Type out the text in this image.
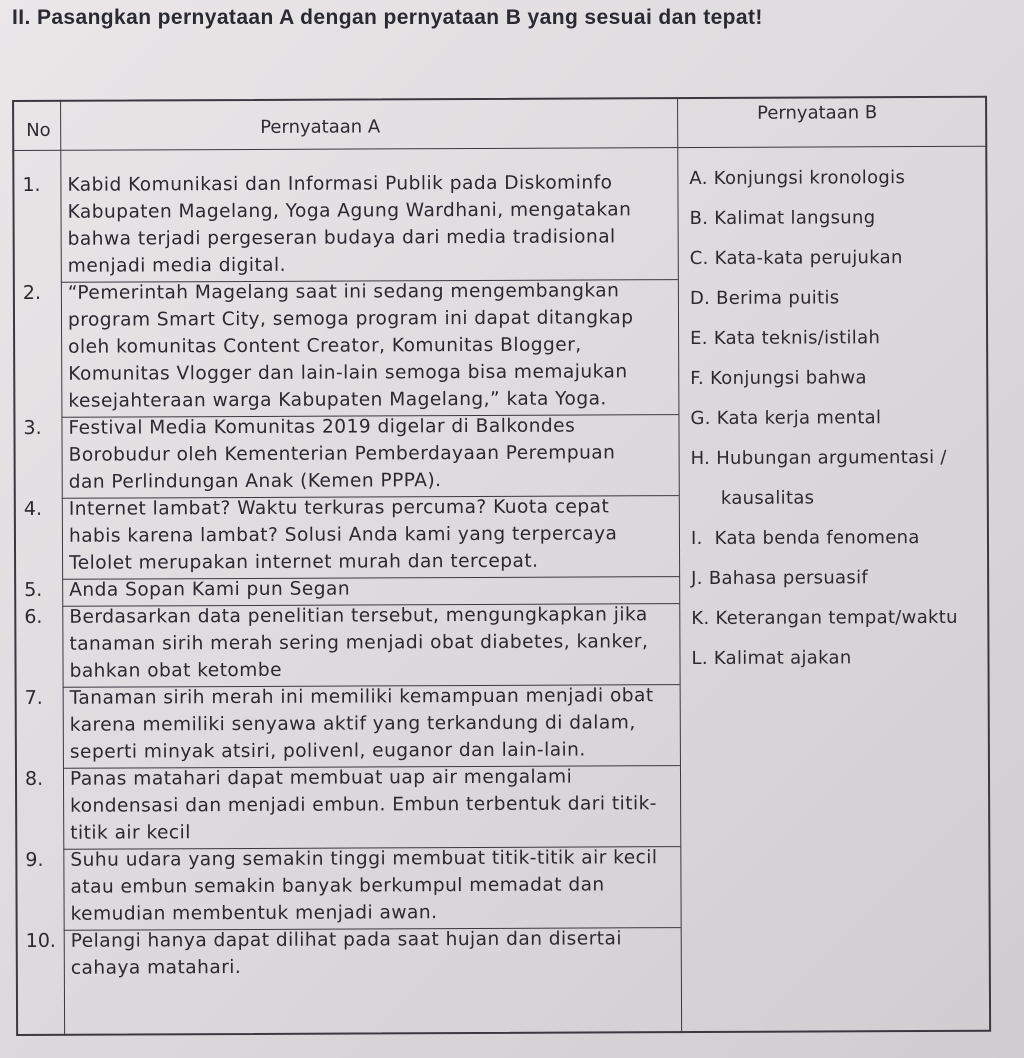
II. Pasangkan pernyataan A dengan pernyataan B yang sesuai dan tepat!
No	Pernyataan A
Pernyataan B
1. Kabid Komunikasi dan Informasi Publik pada Diskominfo
Kabupaten Magelang, Yoga Agung Wardhani, mengatakan
bahwa terjadi pergeseran budaya dari media tradisional
menjadi media digital.
2. “Pemerintah Magelang saat ini sedang mengembangkan
program Smart City, semoga program ini dapat ditangkap
oleh komunitas Content Creator, Komunitas Blogger,
Komunitas Vlogger dan lain-lain semoga bisa memajukan
kesejahteraan warga Kabupaten Magelang,” kata Yoga.
3. Festival Media Komunitas 2019 digelar di Balkondes
Borobudur oleh Kementerian Pemberdayaan Perempuan
dan Perlindungan Anak (Kemen PPPA).
4. Internet lambat? Waktu terkuras percuma? Kuota cepat
habis karena lambat? Solusi Anda kami yang terpercaya
Telolet merupakan internet murah dan tercepat.
5. Anda Sopan Kami pun Segan
6. Berdasarkan data penelitian tersebut, mengungkapkan jika
tanaman sirih merah sering menjadi obat diabetes, kanker,
bahkan obat ketombe
7. Tanaman sirih merah ini memiliki kemampuan menjadi obat
karena memiliki senyawa aktif yang terkandung di dalam,
seperti minyak atsiri, polivenl, euganor dan lain-lain.
8. Panas matahari dapat membuat uap air mengalami
kondensasi dan menjadi embun. Embun terbentuk dari titik-
titik air kecil
9. Suhu udara yang semakin tinggi membuat titik-titik air kecil
atau embun semakin banyak berkumpul memadat dan
kemudian membentuk menjadi awan.
10. Pelangi hanya dapat dilihat pada saat hujan dan disertai
cahaya matahari.
A. Konjungsi kronologis
B. Kalimat langsung
C. Kata-kata perujukan
D. Berima puitis
E. Kata teknis/istilah
F. Konjungsi bahwa
G. Kata kerja mental
H. Hubungan argumentasi /
kausalitas
I.  Kata benda fenomena
J. Bahasa persuasif
K. Keterangan tempat/waktu
L. Kalimat ajakan
